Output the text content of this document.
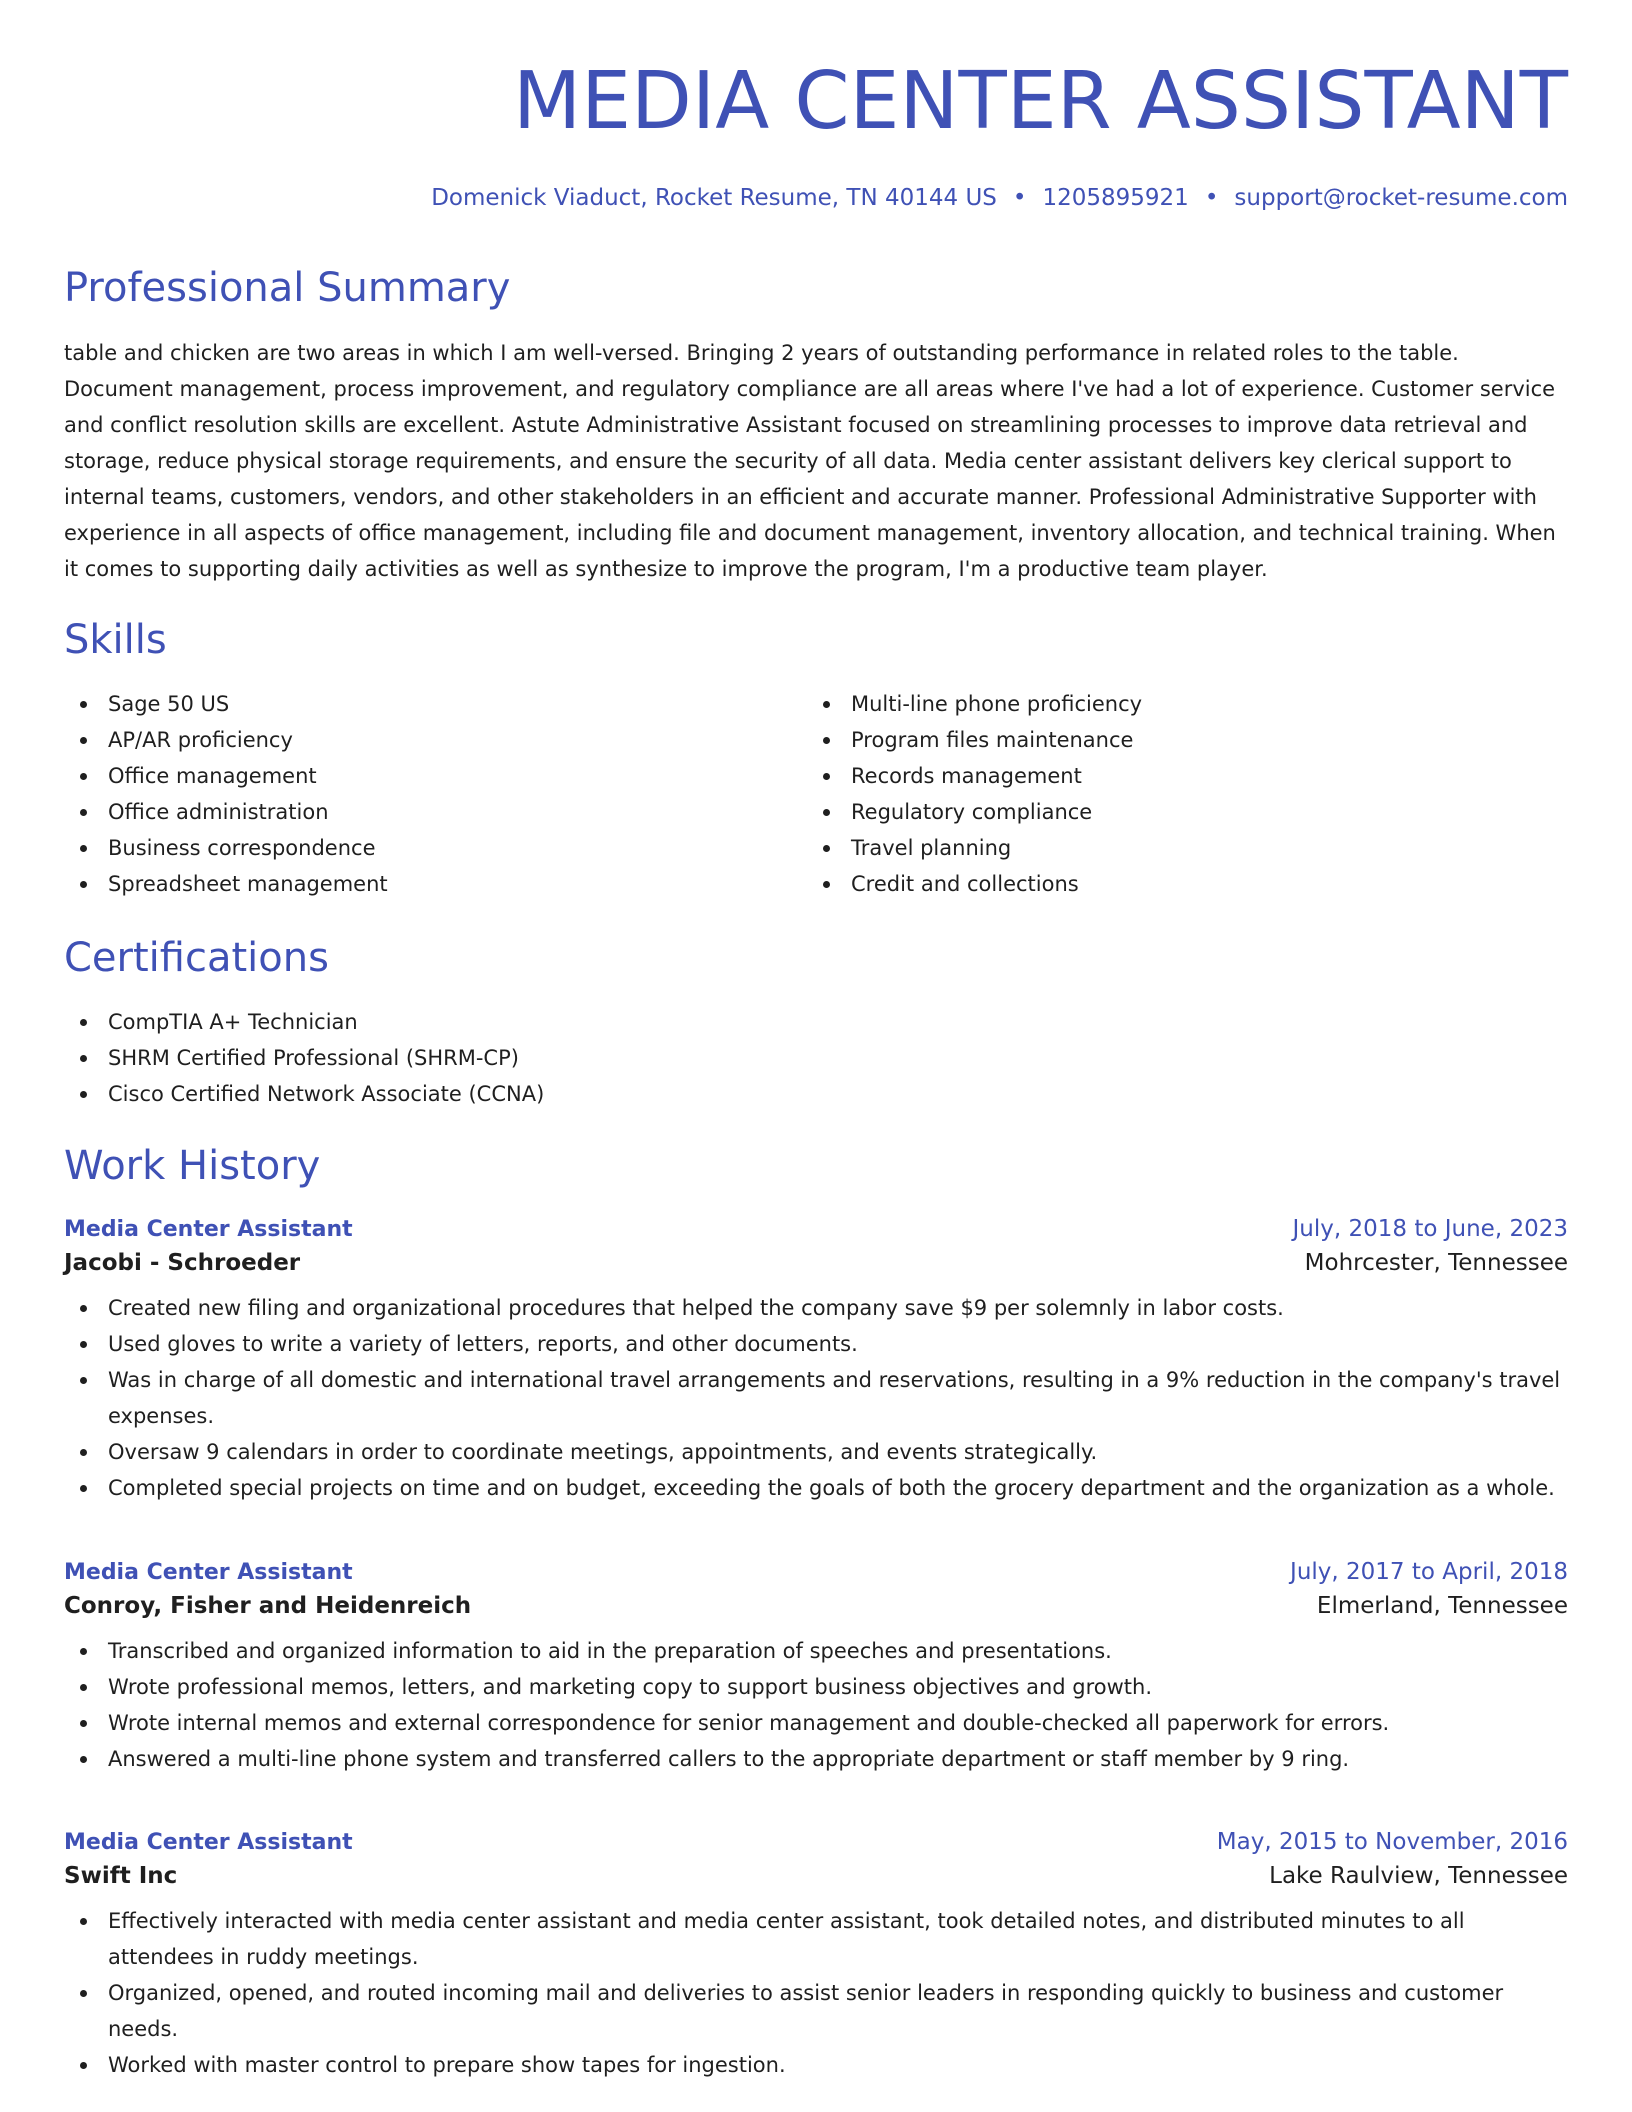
MEDIA CENTER ASSISTANT
Domenick Viaduct, Rocket Resume, TN 40144 US • 1205895921 • support@rocket-resume.com
Professional Summary

table and chicken are two areas in which I am well-versed. Bringing 2 years of outstanding performance in related roles to the table. Document management, process improvement, and regulatory compliance are all areas where I've had a lot of experience. Customer service and conflict resolution skills are excellent. Astute Administrative Assistant focused on streamlining processes to improve data retrieval and storage, reduce physical storage requirements, and ensure the security of all data. Media center assistant delivers key clerical support to internal teams, customers, vendors, and other stakeholders in an efficient and accurate manner. Professional Administrative Supporter with experience in all aspects of office management, including file and document management, inventory allocation, and technical training. When it comes to supporting daily activities as well as synthesize to improve the program, I'm a productive team player.

Skills
Sage 50 US
AP/AR proficiency
Office management
Office administration
Business correspondence
Spreadsheet management
Multi-line phone proficiency
Program files maintenance
Records management
Regulatory compliance
Travel planning
Credit and collections
Certifications
CompTIA A+ Technician
SHRM Certified Professional (SHRM-CP)
Cisco Certified Network Associate (CCNA)
Work History
Media Center Assistant	July, 2018 to June, 2023
Jacobi - Schroeder	Mohrcester, Tennessee
Created new filing and organizational procedures that helped the company save $9 per solemnly in labor costs.
Used gloves to write a variety of letters, reports, and other documents.
Was in charge of all domestic and international travel arrangements and reservations, resulting in a 9% reduction in the company's travel expenses.
Oversaw 9 calendars in order to coordinate meetings, appointments, and events strategically.
Completed special projects on time and on budget, exceeding the goals of both the grocery department and the organization as a whole.
Media Center Assistant	July, 2017 to April, 2018
Conroy, Fisher and Heidenreich	Elmerland, Tennessee
Transcribed and organized information to aid in the preparation of speeches and presentations.
Wrote professional memos, letters, and marketing copy to support business objectives and growth.
Wrote internal memos and external correspondence for senior management and double-checked all paperwork for errors.
Answered a multi-line phone system and transferred callers to the appropriate department or staff member by 9 ring.
Media Center Assistant	May, 2015 to November, 2016
Swift Inc	Lake Raulview, Tennessee
Effectively interacted with media center assistant and media center assistant, took detailed notes, and distributed minutes to all attendees in ruddy meetings.
Organized, opened, and routed incoming mail and deliveries to assist senior leaders in responding quickly to business and customer needs.
Worked with master control to prepare show tapes for ingestion.
